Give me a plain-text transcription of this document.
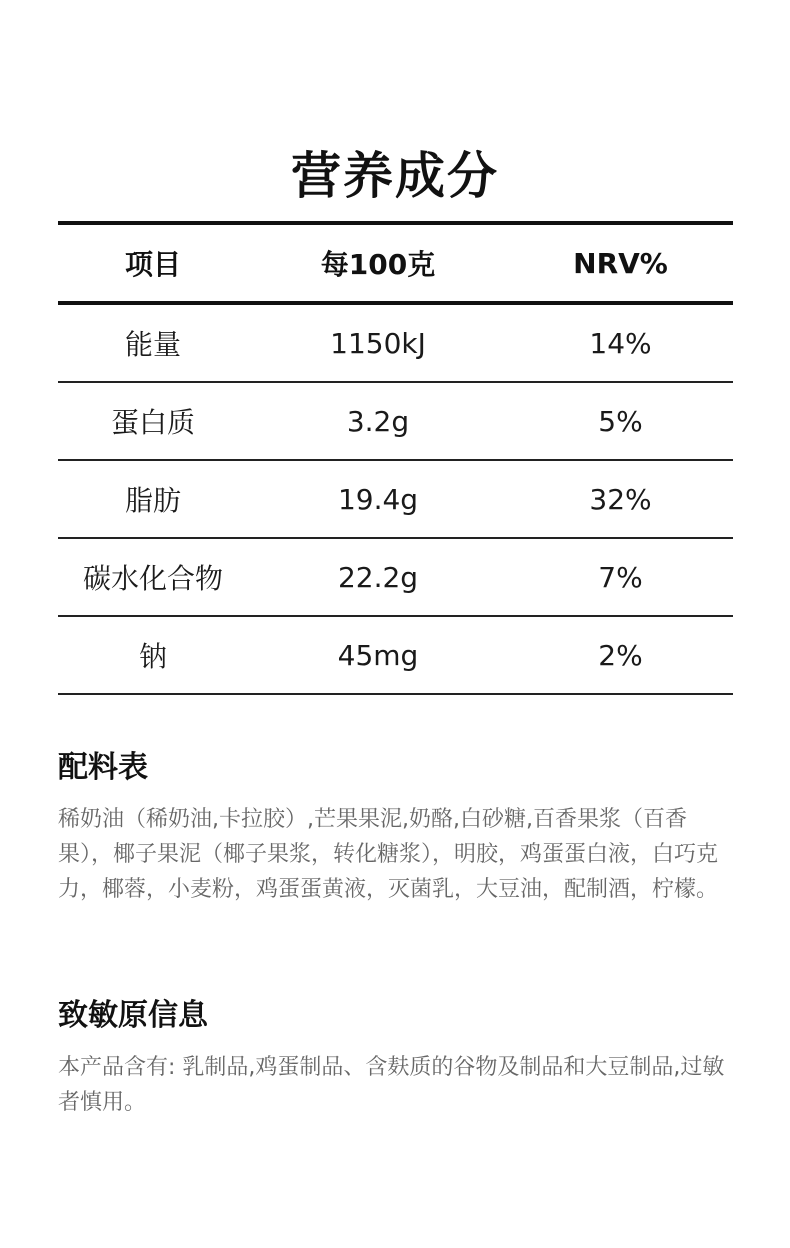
营养成分
项目	每100克	NRV%
能量	1150kJ	14%
蛋白质	3.2g	5%
脂肪	19.4g	32%
碳水化合物	22.2g	7%
钠	45mg	2%
配料表

稀奶油（稀奶油,卡拉胶）,芒果果泥,奶酪,白砂糖,百香果浆（百香果），椰子果泥（椰子果浆，转化糖浆），明胶，鸡蛋蛋白液，白巧克力，椰蓉，小麦粉，鸡蛋蛋黄液，灭菌乳，大豆油，配制酒，柠檬。

致敏原信息

本产品含有: 乳制品,鸡蛋制品、含麸质的谷物及制品和大豆制品,过敏者慎用。
